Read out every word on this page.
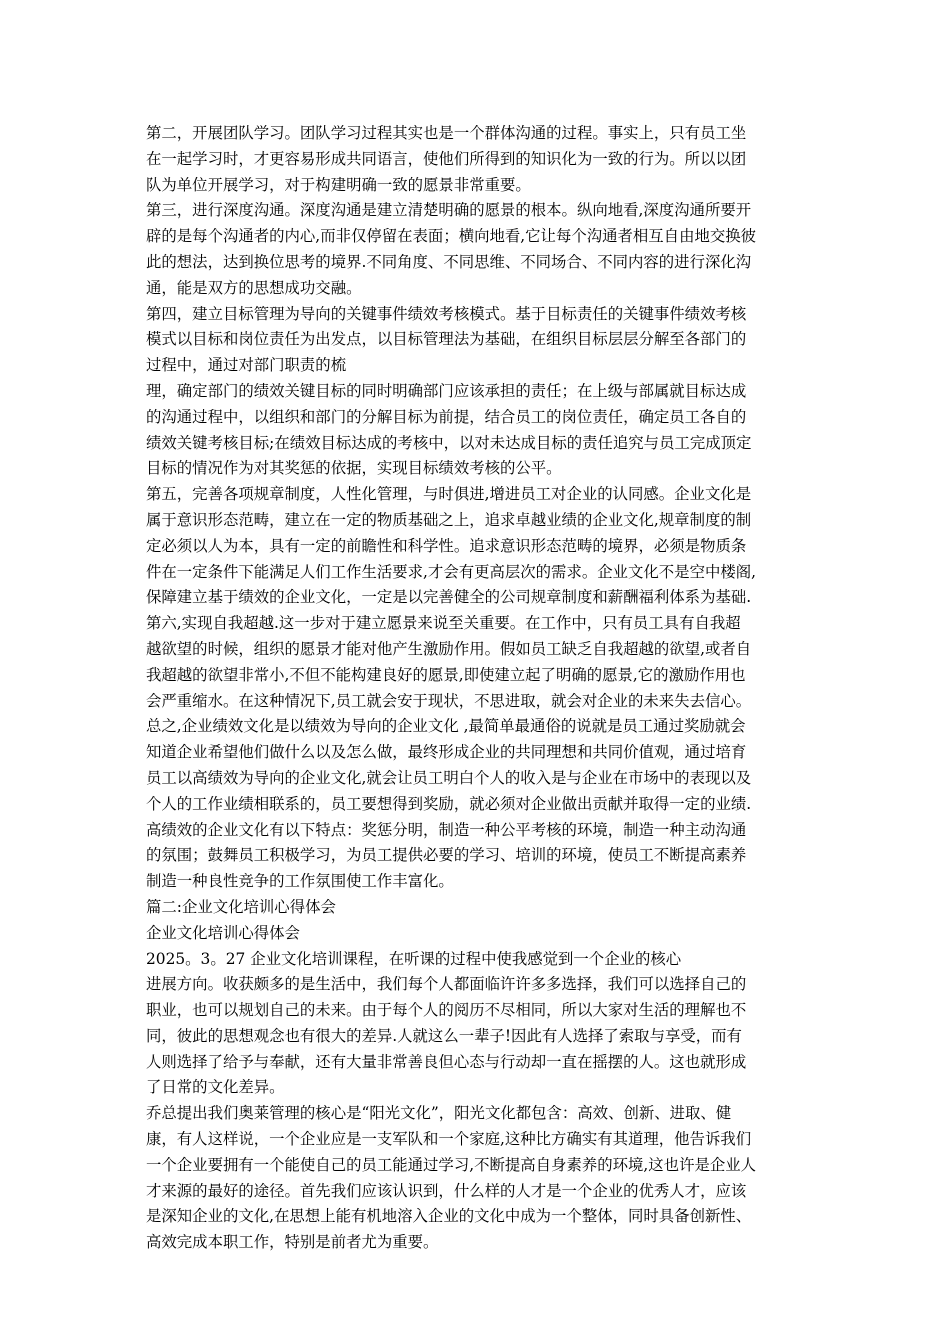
第二，开展团队学习。团队学习过程其实也是一个群体沟通的过程。事实上，只有员工坐
在一起学习时，才更容易形成共同语言，使他们所得到的知识化为一致的行为。所以以团
队为单位开展学习，对于构建明确一致的愿景非常重要。
第三，进行深度沟通。深度沟通是建立清楚明确的愿景的根本。纵向地看,深度沟通所要开
辟的是每个沟通者的内心,而非仅停留在表面；横向地看,它让每个沟通者相互自由地交换彼
此的想法，达到换位思考的境界.不同角度、不同思维、不同场合、不同内容的进行深化沟
通，能是双方的思想成功交融。
第四，建立目标管理为导向的关键事件绩效考核模式。基于目标责任的关键事件绩效考核
模式以目标和岗位责任为出发点，以目标管理法为基础，在组织目标层层分解至各部门的
过程中，通过对部门职责的梳
理，确定部门的绩效关键目标的同时明确部门应该承担的责任；在上级与部属就目标达成
的沟通过程中，以组织和部门的分解目标为前提，结合员工的岗位责任，确定员工各自的
绩效关键考核目标;在绩效目标达成的考核中，以对未达成目标的责任追究与员工完成顶定
目标的情况作为对其奖惩的依据，实现目标绩效考核的公平。
第五，完善各项规章制度，人性化管理，与时俱进,增进员工对企业的认同感。企业文化是
属于意识形态范畴，建立在一定的物质基础之上，追求卓越业绩的企业文化,规章制度的制
定必须以人为本，具有一定的前瞻性和科学性。追求意识形态范畴的境界，必须是物质条
件在一定条件下能满足人们工作生活要求,才会有更高层次的需求。企业文化不是空中楼阁,
保障建立基于绩效的企业文化，一定是以完善健全的公司规章制度和薪酬福利体系为基础.
第六,实现自我超越.这一步对于建立愿景来说至关重要。在工作中，只有员工具有自我超
越欲望的时候，组织的愿景才能对他产生激励作用。假如员工缺乏自我超越的欲望,或者自
我超越的欲望非常小,不但不能构建良好的愿景,即使建立起了明确的愿景,它的激励作用也
会严重缩水。在这种情况下,员工就会安于现状，不思进取，就会对企业的未来失去信心。
总之,企业绩效文化是以绩效为导向的企业文化 ,最简单最通俗的说就是员工通过奖励就会
知道企业希望他们做什么以及怎么做，最终形成企业的共同理想和共同价值观，通过培育
员工以高绩效为导向的企业文化,就会让员工明白个人的收入是与企业在市场中的表现以及
个人的工作业绩相联系的，员工要想得到奖励，就必须对企业做出贡献并取得一定的业绩.
高绩效的企业文化有以下特点：奖惩分明，制造一种公平考核的环境，制造一种主动沟通
的氛围；鼓舞员工积极学习，为员工提供必要的学习、培训的环境，使员工不断提高素养
制造一种良性竞争的工作氛围使工作丰富化。
篇二:企业文化培训心得体会
企业文化培训心得体会
2025。3。27 企业文化培训课程，在听课的过程中使我感觉到一个企业的核心
进展方向。收获颇多的是生活中，我们每个人都面临许许多多选择，我们可以选择自己的
职业，也可以规划自己的未来。由于每个人的阅历不尽相同，所以大家对生活的理解也不
同，彼此的思想观念也有很大的差异.人就这么一辈子!因此有人选择了索取与享受，而有
人则选择了给予与奉献，还有大量非常善良但心态与行动却一直在摇摆的人。这也就形成
了日常的文化差异。
乔总提出我们奥莱管理的核心是“阳光文化”，阳光文化都包含：高效、创新、进取、健
康，有人这样说，一个企业应是一支军队和一个家庭,这种比方确实有其道理，他告诉我们
一个企业要拥有一个能使自己的员工能通过学习,不断提高自身素养的环境,这也许是企业人
才来源的最好的途径。首先我们应该认识到，什么样的人才是一个企业的优秀人才，应该
是深知企业的文化,在思想上能有机地溶入企业的文化中成为一个整体，同时具备创新性、
高效完成本职工作，特别是前者尤为重要。
